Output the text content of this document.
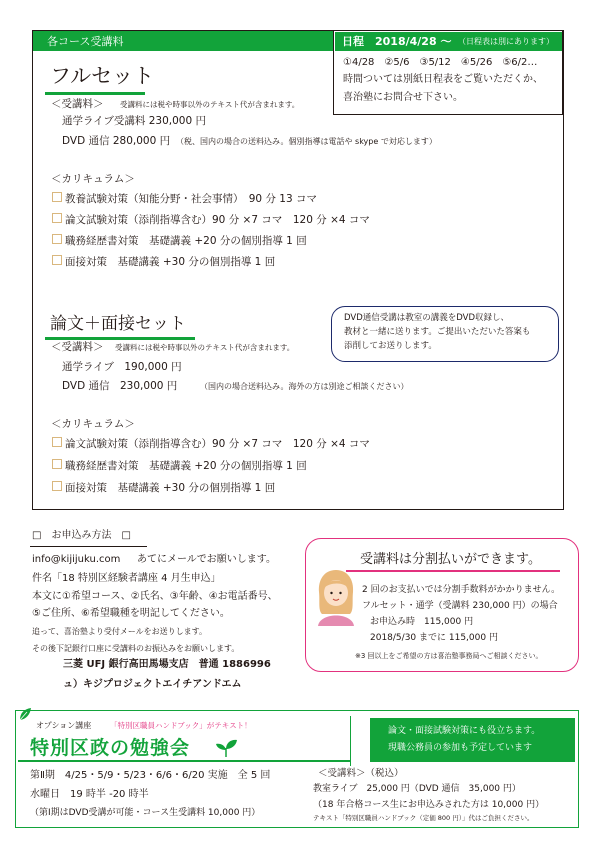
各コース受講料	日程　2018/4/28 〜 （日程表は別にあります）
①4/28　②5/6　③5/12　④5/26　⑤6/2…
時間ついては別紙日程表をご覧いただくか、
喜治塾にお問合せ下さい。
フルセット
＜受講料＞ 受講料には税や時事以外のテキスト代が含まれます。
通学ライブ受講料 230,000 円
DVD 通信 280,000 円 （税、国内の場合の送料込み。個別指導は電話や skype で対応します）
＜カリキュラム＞
教養試験対策（知能分野・社会事情）　90 分 13 コマ
論文試験対策（添削指導含む）90 分 ×7 コマ　120 分 ×4 コマ
職務経歴書対策　基礎講義 +20 分の個別指導 1 回
面接対策　基礎講義 +30 分の個別指導 1 回
DVD通信受講は教室の講義をDVD収録し、
教材と一緒に送ります。ご提出いただいた答案も
添削してお送りします。
論文＋面接セット
＜受講料＞ 受講料には税や時事以外のテキスト代が含まれます。
通学ライブ　190,000 円
DVD 通信　230,000 円	（国内の場合送料込み。海外の方は別途ご相談ください）
＜カリキュラム＞
論文試験対策（添削指導含む）90 分 ×7 コマ　120 分 ×4 コマ
職務経歴書対策　基礎講義 +20 分の個別指導 1 回
面接対策　基礎講義 +30 分の個別指導 1 回
□　お申込み方法　□
info@kijijuku.com あてにメールでお願いします。
件名「18 特別区経験者講座 4 月生申込」
本文に①希望コース、②氏名、③年齢、④お電話番号、
⑤ご住所、⑥希望職種を明記してください。
追って、喜治塾より受付メールをお送りします。
その後下記銀行口座に受講料のお振込みをお願いします。
三菱 UFJ 銀行高田馬場支店　普通 1886996
ュ）キジプロジェクトエイチアンドエム
受講料は分割払いができます。
2 回のお支払いでは分割手数料がかかりません。
フルセット・通学（受講料 230,000 円）の場合
お申込み時　115,000 円
2018/5/30 までに 115,000 円
※3 回以上をご希望の方は喜治塾事務局へご相談ください。
オプション講座 「特別区職員ハンドブック」がテキスト！
特別区政の勉強会
論文・面接試験対策にも役立ちます。
現職公務員の参加も予定しています
第Ⅱ期　4/25・5/9・5/23・6/6・6/20 実施　全 5 回
水曜日　19 時半 -20 時半
（第Ⅰ期はDVD受講が可能・コース生受講料 10,000 円）
＜受講料＞（税込）
教室ライブ　25,000 円（DVD 通信　35,000 円）
（18 年合格コース生にお申込みされた方は 10,000 円）
テキスト「特別区職員ハンドブック（定価 800 円）」代はご負担ください。
